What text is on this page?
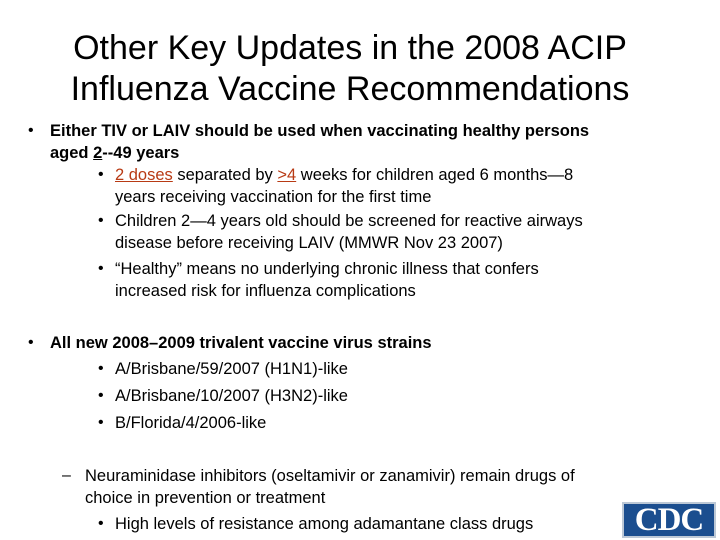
Other Key Updates in the 2008 ACIP
Influenza Vaccine Recommendations
• Either TIV or LAIV should be used when vaccinating healthy persons
aged 2--49 years
• 2 doses separated by >4 weeks for children aged 6 months—8
years receiving vaccination for the first time
• Children 2—4 years old should be screened for reactive airways
disease before receiving LAIV (MMWR Nov 23 2007)
• “Healthy” means no underlying chronic illness that confers
increased risk for influenza complications
• All new 2008–2009 trivalent vaccine virus strains
• A/Brisbane/59/2007 (H1N1)-like
• A/Brisbane/10/2007 (H3N2)-like
• B/Florida/4/2006-like
– Neuraminidase inhibitors (oseltamivir or zanamivir) remain drugs of
choice in prevention or treatment
• High levels of resistance among adamantane class drugs	CDC
